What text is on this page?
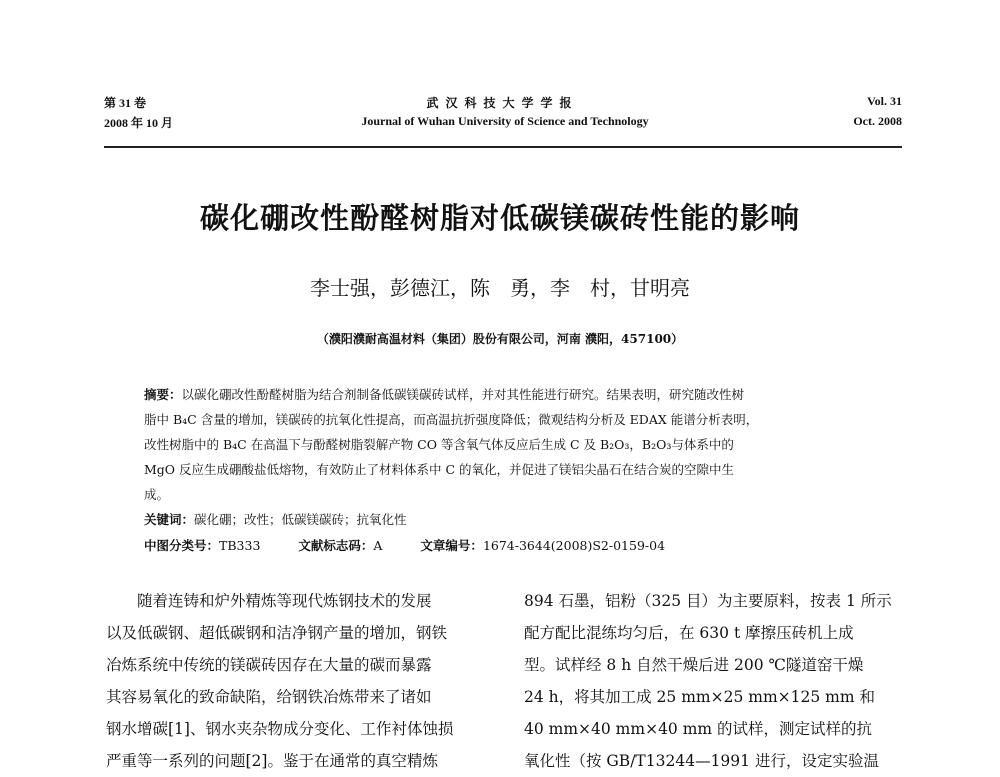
第 31 卷
2008 年 10 月
武 汉 科 技 大 学 学 报
Journal of Wuhan University of Science and Technology
Vol. 31
Oct. 2008
碳化硼改性酚醛树脂对低碳镁碳砖性能的影响
李士强，彭德江，陈　勇，李　村，甘明亮
（濮阳濮耐高温材料（集团）股份有限公司，河南 濮阳，457100）
摘要：以碳化硼改性酚醛树脂为结合剂制备低碳镁碳砖试样，并对其性能进行研究。结果表明，研究随改性树
脂中 B₄C 含量的增加，镁碳砖的抗氧化性提高，而高温抗折强度降低；微观结构分析及 EDAX 能谱分析表明，
改性树脂中的 B₄C 在高温下与酚醛树脂裂解产物 CO 等含氧气体反应后生成 C 及 B₂O₃，B₂O₃与体系中的
MgO 反应生成硼酸盐低熔物，有效防止了材料体系中 C 的氧化，并促进了镁铝尖晶石在结合炭的空隙中生
成。
关键词：碳化硼；改性；低碳镁碳砖；抗氧化性
中图分类号：TB333	文献标志码：A	文章编号：1674-3644(2008)S2-0159-04
　　随着连铸和炉外精炼等现代炼钢技术的发展
以及低碳钢、超低碳钢和洁净钢产量的增加，钢铁
冶炼系统中传统的镁碳砖因存在大量的碳而暴露
其容易氧化的致命缺陷，给钢铁冶炼带来了诸如
钢水增碳[1]、钢水夹杂物成分变化、工作衬体蚀损
严重等一系列的问题[2]。鉴于在通常的真空精炼
894 石墨，铝粉（325 目）为主要原料，按表 1 所示
配方配比混练均匀后，在 630 t 摩擦压砖机上成
型。试样经 8 h 自然干燥后进 200 ℃隧道窑干燥
24 h，将其加工成 25 mm×25 mm×125 mm 和
40 mm×40 mm×40 mm 的试样，测定试样的抗
氧化性（按 GB/T13244—1991 进行，设定实验温
